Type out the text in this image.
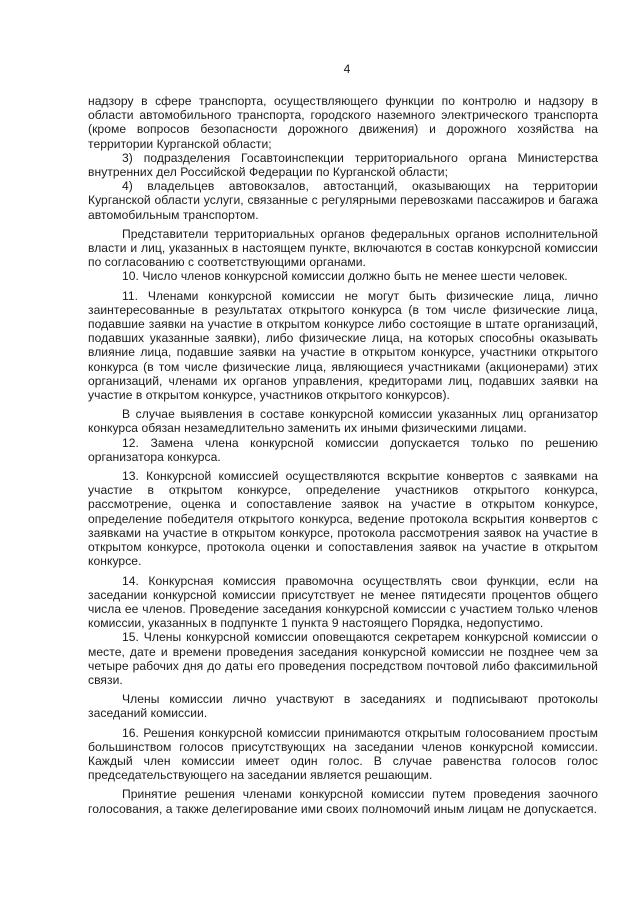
4

надзору в сфере транспорта, осуществляющего функции по контролю и надзору в области автомобильного транспорта, городского наземного электрического транспорта (кроме вопросов безопасности дорожного движения) и дорожного хозяйства на территории Курганской области;

3) подразделения Госавтоинспекции территориального органа Министерства внутренних дел Российской Федерации по Курганской области;

4) владельцев автовокзалов, автостанций, оказывающих на территории Курганской области услуги, связанные с регулярными перевозками пассажиров и багажа автомобильным транспортом.

Представители территориальных органов федеральных органов исполнительной власти и лиц, указанных в настоящем пункте, включаются в состав конкурсной комиссии по согласованию с соответствующими органами.

10. Число членов конкурсной комиссии должно быть не менее шести человек.

11. Членами конкурсной комиссии не могут быть физические лица, лично заинтересованные в результатах открытого конкурса (в том числе физические лица, подавшие заявки на участие в открытом конкурсе либо состоящие в штате организаций, подавших указанные заявки), либо физические лица, на которых способны оказывать влияние лица, подавшие заявки на участие в открытом конкурсе, участники открытого конкурса (в том числе физические лица, являющиеся участниками (акционерами) этих организаций, членами их органов управления, кредиторами лиц, подавших заявки на участие в открытом конкурсе, участников открытого конкурсов).

В случае выявления в составе конкурсной комиссии указанных лиц организатор конкурса обязан незамедлительно заменить их иными физическими лицами.

12. Замена члена конкурсной комиссии допускается только по решению организатора конкурса.

13. Конкурсной комиссией осуществляются вскрытие конвертов с заявками на участие в открытом конкурсе, определение участников открытого конкурса, рассмотрение, оценка и сопоставление заявок на участие в открытом конкурсе, определение победителя открытого конкурса, ведение протокола вскрытия конвертов с заявками на участие в открытом конкурсе, протокола рассмотрения заявок на участие в открытом конкурсе, протокола оценки и сопоставления заявок на участие в открытом конкурсе.

14. Конкурсная комиссия правомочна осуществлять свои функции, если на заседании конкурсной комиссии присутствует не менее пятидесяти процентов общего числа ее членов. Проведение заседания конкурсной комиссии с участием только членов комиссии, указанных в подпункте 1 пункта 9 настоящего Порядка, недопустимо.

15. Члены конкурсной комиссии оповещаются секретарем конкурсной комиссии о месте, дате и времени проведения заседания конкурсной комиссии не позднее чем за четыре рабочих дня до даты его проведения посредством почтовой либо факсимильной связи.

Члены комиссии лично участвуют в заседаниях и подписывают протоколы заседаний комиссии.

16. Решения конкурсной комиссии принимаются открытым голосованием простым большинством голосов присутствующих на заседании членов конкурсной комиссии. Каждый член комиссии имеет один голос. В случае равенства голосов голос председательствующего на заседании является решающим.

Принятие решения членами конкурсной комиссии путем проведения заочного голосования, а также делегирование ими своих полномочий иным лицам не допускается.
